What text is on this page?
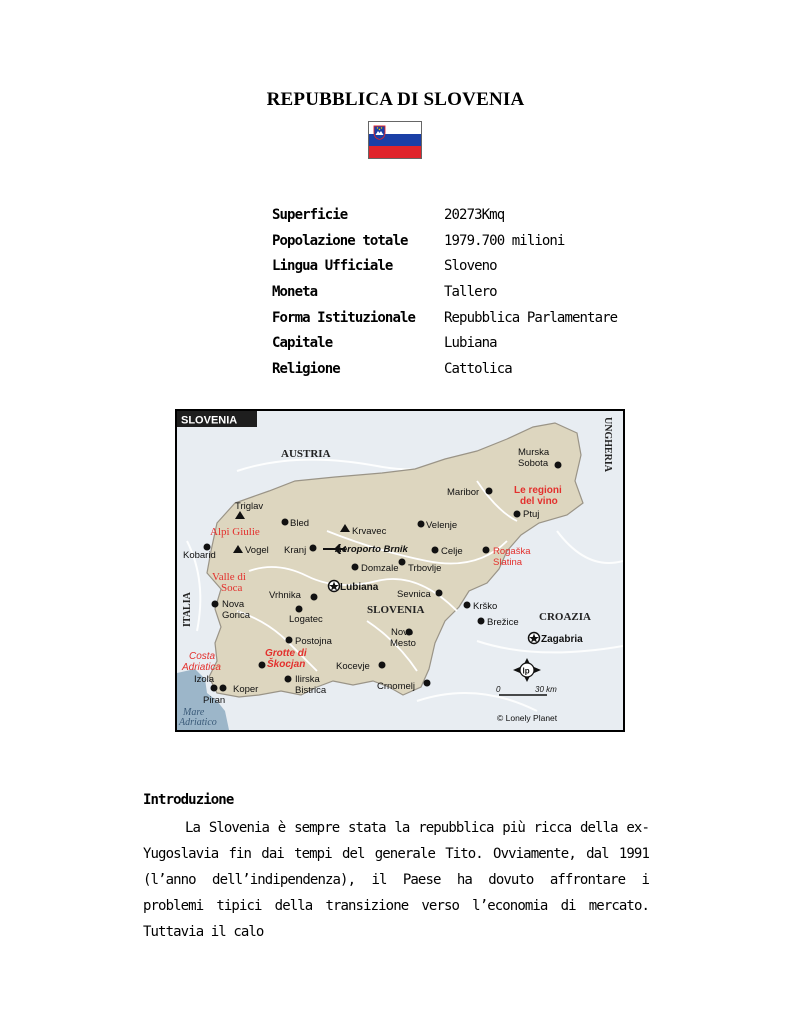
REPUBBLICA DI SLOVENIA
Superficie	20273Kmq
Popolazione totale	1979.700 milioni
Lingua Ufficiale	Sloveno
Moneta	Tallero
Forma Istituzionale	Repubblica Parlamentare
Capitale	Lubiana
Religione	Cattolica
SLOVENIA
AUSTRIA
CROAZIA
SLOVENIA
UNGHERIA
ITALIA
Murska
Sobota
Maribor
Ptuj
Triglav
Bled
Krvavec
Velenje
Kobarid	Vogel Kranj	Celje
Domzale Trbovlje
Vrhnika	Sevnica
Krško
Brežice
Nova
Gorica	Logatec
Postojna
Novo
Mesto
Kocevje
Izola
Koper
Piran
Ilirska
Bistrica	Crnomelj
Lubiana
Zagabria
Aeroporto Brnik
Alpi Giulie
Valle di
Soca
Costa
Adriatica
Grotte di
Škocjan
Le regioni
del vino
Rogaška
Slatina
Mare
Adriatico
lp
0	30 km
© Lonely Planet
Introduzione
La Slovenia è sempre stata la repubblica più ricca della ex-Yugoslavia fin dai tempi del generale Tito. Ovviamente, dal 1991 (l’anno dell’indipendenza), il Paese ha dovuto affrontare i problemi tipici della transizione verso l’economia di mercato. Tuttavia il calo
